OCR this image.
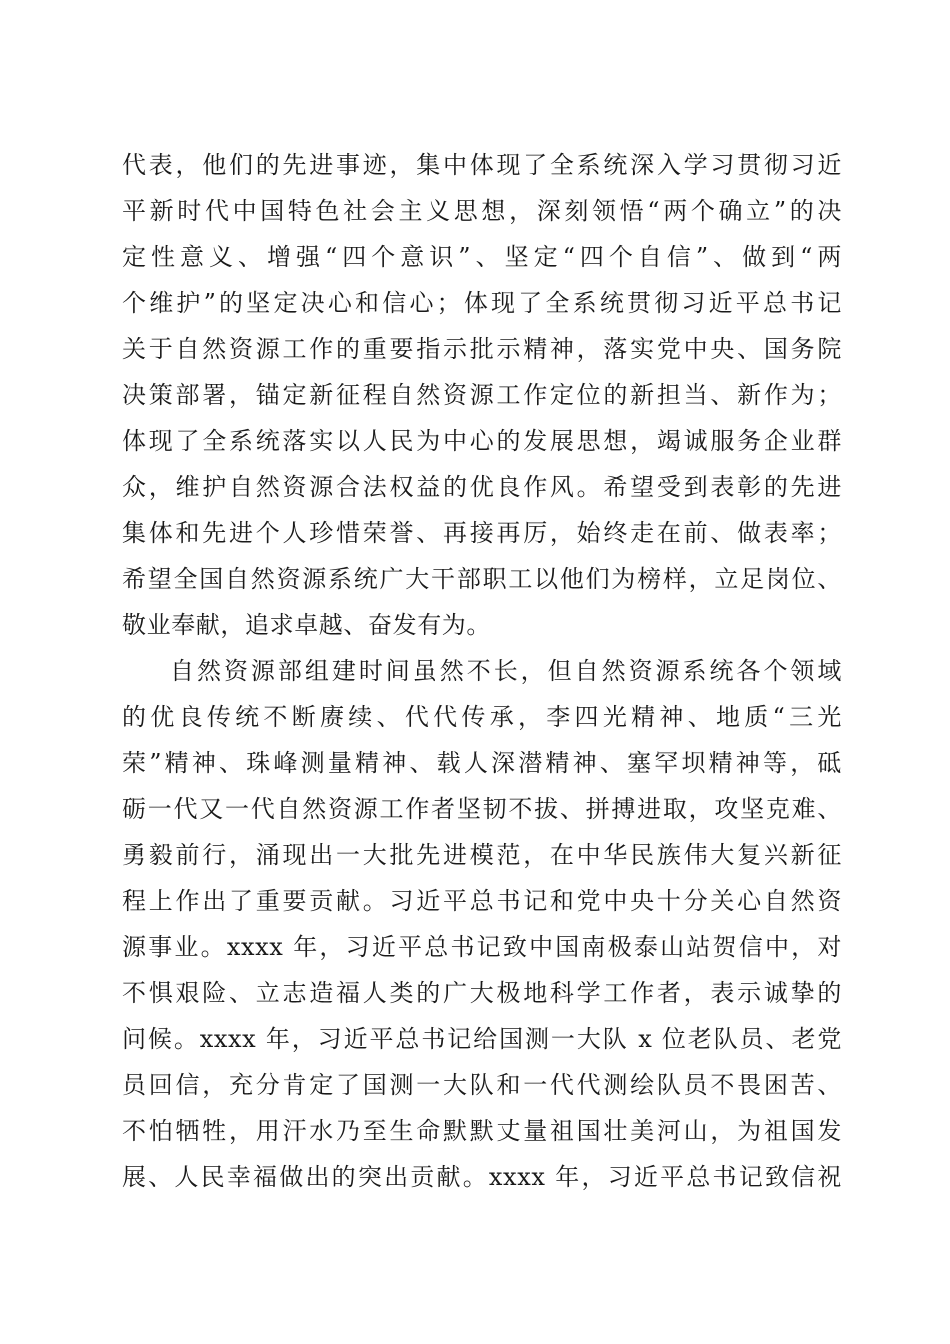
代表，他们的先进事迹，集中体现了全系统深入学习贯彻习近
平新时代中国特色社会主义思想，深刻领悟“两个确立”的决
定性意义、增强“四个意识”、坚定“四个自信”、做到“两
个维护”的坚定决心和信心；体现了全系统贯彻习近平总书记
关于自然资源工作的重要指示批示精神，落实党中央、国务院
决策部署，锚定新征程自然资源工作定位的新担当、新作为；
体现了全系统落实以人民为中心的发展思想，竭诚服务企业群
众，维护自然资源合法权益的优良作风。希望受到表彰的先进
集体和先进个人珍惜荣誉、再接再厉，始终走在前、做表率；
希望全国自然资源系统广大干部职工以他们为榜样，立足岗位、
敬业奉献，追求卓越、奋发有为。
自然资源部组建时间虽然不长，但自然资源系统各个领域
的优良传统不断赓续、代代传承，李四光精神、地质“三光
荣”精神、珠峰测量精神、载人深潜精神、塞罕坝精神等，砥
砺一代又一代自然资源工作者坚韧不拔、拼搏进取，攻坚克难、
勇毅前行，涌现出一大批先进模范，在中华民族伟大复兴新征
程上作出了重要贡献。习近平总书记和党中央十分关心自然资
源事业。xxxx 年，习近平总书记致中国南极泰山站贺信中，对
不惧艰险、立志造福人类的广大极地科学工作者，表示诚挚的
问候。xxxx 年，习近平总书记给国测一大队 x 位老队员、老党
员回信，充分肯定了国测一大队和一代代测绘队员不畏困苦、
不怕牺牲，用汗水乃至生命默默丈量祖国壮美河山，为祖国发
展、人民幸福做出的突出贡献。xxxx 年，习近平总书记致信祝
